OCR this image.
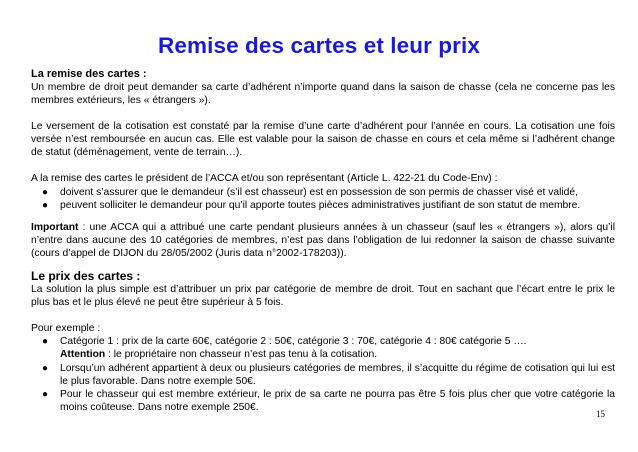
Remise des cartes et leur prix
La remise des cartes :
Un membre de droit peut demander sa carte d’adhérent n’importe quand dans la saison de chasse (cela ne concerne pas les membres extérieurs, les « étrangers »).
Le versement de la cotisation est constaté par la remise d’une carte d’adhérent pour l’année en cours. La cotisation une fois versée n’est remboursée en aucun cas. Elle est valable pour la saison de chasse en cours et cela même si l’adhérent change de statut (déménagement, vente de terrain…).
A la remise des cartes le président de l’ACCA et/ou son représentant (Article L. 422-21 du Code-Env) :
● doivent s’assurer que le demandeur (s’il est chasseur) est en possession de son permis de chasser visé et validé,
● peuvent solliciter le demandeur pour qu’il apporte toutes pièces administratives justifiant de son statut de membre.
Important : une ACCA qui a attribué une carte pendant plusieurs années à un chasseur (sauf les « étrangers »), alors qu’il n’entre dans aucune des 10 catégories de membres, n’est pas dans l’obligation de lui redonner la saison de chasse suivante (cours d’appel de DIJON du 28/05/2002 (Juris data n°2002-178203)).
Le prix des cartes :
La solution la plus simple est d’attribuer un prix par catégorie de membre de droit. Tout en sachant que l’écart entre le prix le plus bas et le plus élevé ne peut être supérieur à 5 fois.
Pour exemple :
● Catégorie 1 : prix de la carte 60€, catégorie 2 : 50€, catégorie 3 : 70€, catégorie 4 : 80€ catégorie 5 ….
Attention : le propriétaire non chasseur n’est pas tenu à la cotisation.
● Lorsqu’un adhérent appartient à deux ou plusieurs catégories de membres, il s’acquitte du régime de cotisation qui lui est le plus favorable. Dans notre exemple 50€.
● Pour le chasseur qui est membre extérieur, le prix de sa carte ne pourra pas être 5 fois plus cher que votre catégorie la moins coûteuse. Dans notre exemple 250€.
15
